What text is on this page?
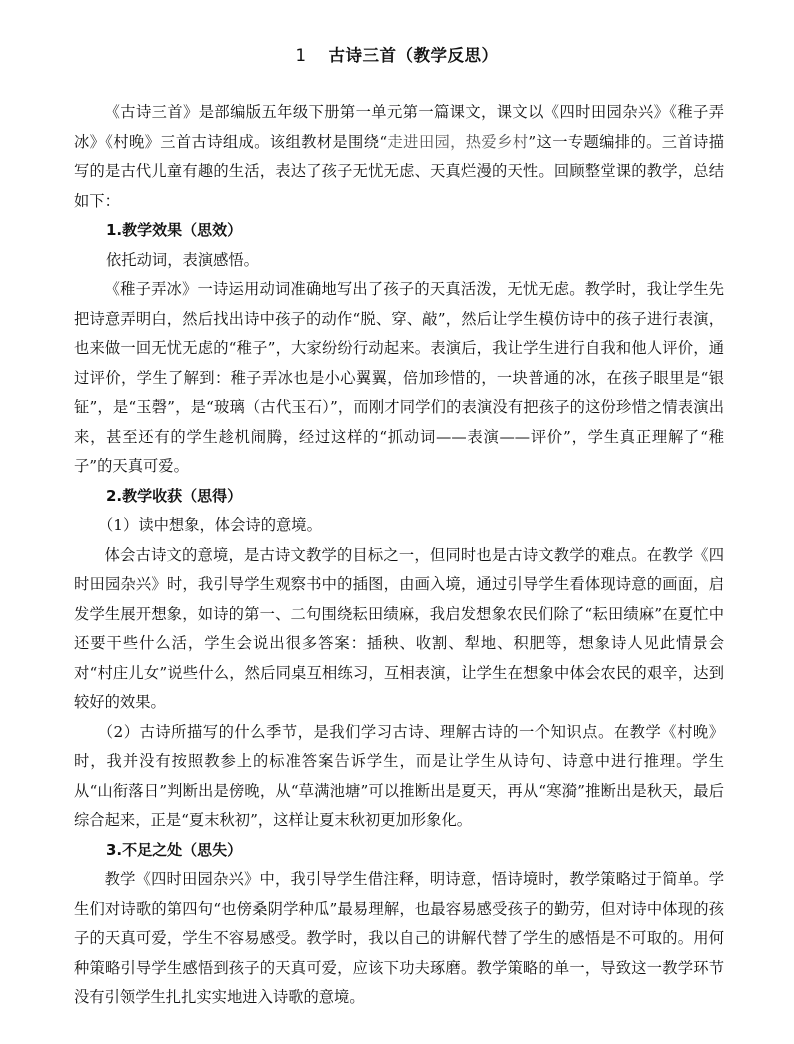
1 古诗三首（教学反思）

《古诗三首》是部编版五年级下册第一单元第一篇课文，课文以《四时田园杂兴》《稚子弄冰》《村晚》三首古诗组成。该组教材是围绕“走进田园，热爱乡村”这一专题编排的。三首诗描写的是古代儿童有趣的生活，表达了孩子无忧无虑、天真烂漫的天性。回顾整堂课的教学，总结如下：

1.教学效果（思效）

依托动词，表演感悟。

《稚子弄冰》一诗运用动词准确地写出了孩子的天真活泼，无忧无虑。教学时，我让学生先把诗意弄明白，然后找出诗中孩子的动作“脱、穿、敲”，然后让学生模仿诗中的孩子进行表演，也来做一回无忧无虑的“稚子”，大家纷纷行动起来。表演后，我让学生进行自我和他人评价，通过评价，学生了解到：稚子弄冰也是小心翼翼，倍加珍惜的，一块普通的冰，在孩子眼里是“银钲”，是“玉磬”，是“玻璃（古代玉石）”，而刚才同学们的表演没有把孩子的这份珍惜之情表演出来，甚至还有的学生趁机闹腾，经过这样的“抓动词——表演——评价”，学生真正理解了“稚子”的天真可爱。

2.教学收获（思得）

（1）读中想象，体会诗的意境。

体会古诗文的意境，是古诗文教学的目标之一，但同时也是古诗文教学的难点。在教学《四时田园杂兴》时，我引导学生观察书中的插图，由画入境，通过引导学生看体现诗意的画面，启发学生展开想象，如诗的第一、二句围绕耘田绩麻，我启发想象农民们除了“耘田绩麻”在夏忙中还要干些什么活，学生会说出很多答案：插秧、收割、犁地、积肥等，想象诗人见此情景会对“村庄儿女”说些什么，然后同桌互相练习，互相表演，让学生在想象中体会农民的艰辛，达到较好的效果。

（2）古诗所描写的什么季节，是我们学习古诗、理解古诗的一个知识点。在教学《村晚》时，我并没有按照教参上的标准答案告诉学生，而是让学生从诗句、诗意中进行推理。学生从“山衔落日”判断出是傍晚，从“草满池塘”可以推断出是夏天，再从“寒漪”推断出是秋天，最后综合起来，正是“夏末秋初”，这样让夏末秋初更加形象化。

3.不足之处（思失）

教学《四时田园杂兴》中，我引导学生借注释，明诗意，悟诗境时，教学策略过于简单。学生们对诗歌的第四句“也傍桑阴学种瓜”最易理解，也最容易感受孩子的勤劳，但对诗中体现的孩子的天真可爱，学生不容易感受。教学时，我以自己的讲解代替了学生的感悟是不可取的。用何种策略引导学生感悟到孩子的天真可爱，应该下功夫琢磨。教学策略的单一，导致这一教学环节没有引领学生扎扎实实地进入诗歌的意境。
